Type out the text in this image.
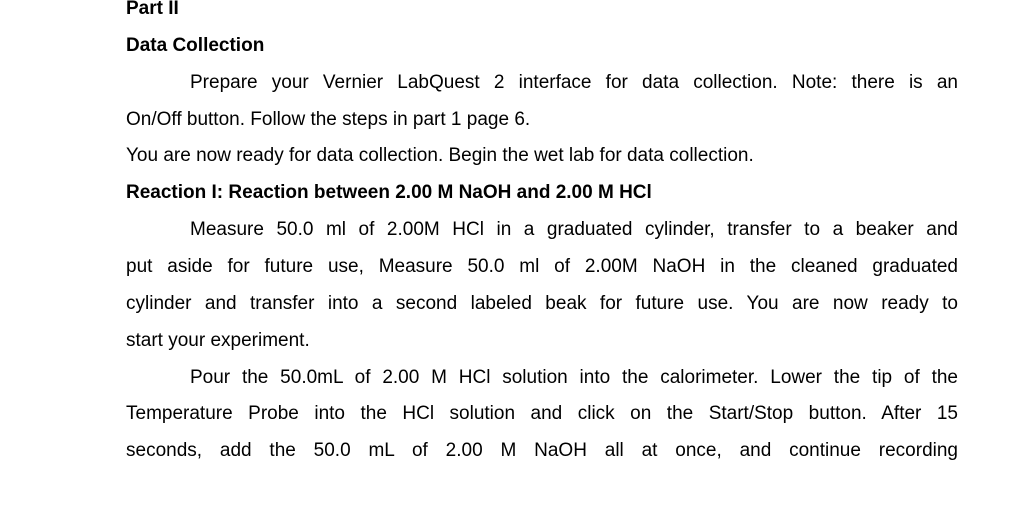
Part II
Data Collection
Prepare your Vernier LabQuest 2 interface for data collection. Note: there is an
On/Off button. Follow the steps in part 1 page 6.
You are now ready for data collection. Begin the wet lab for data collection.
Reaction I: Reaction between 2.00 M NaOH and 2.00 M HCl
Measure 50.0 ml of 2.00M HCl in a graduated cylinder, transfer to a beaker and
put aside for future use, Measure 50.0 ml of 2.00M NaOH in the cleaned graduated
cylinder and transfer into a second labeled beak for future use. You are now ready to
start your experiment.
Pour the 50.0mL of 2.00 M HCl solution into the calorimeter. Lower the tip of the
Temperature Probe into the HCl solution and click on the Start/Stop button. After 15
seconds, add the 50.0 mL of 2.00 M NaOH all at once, and continue recording
